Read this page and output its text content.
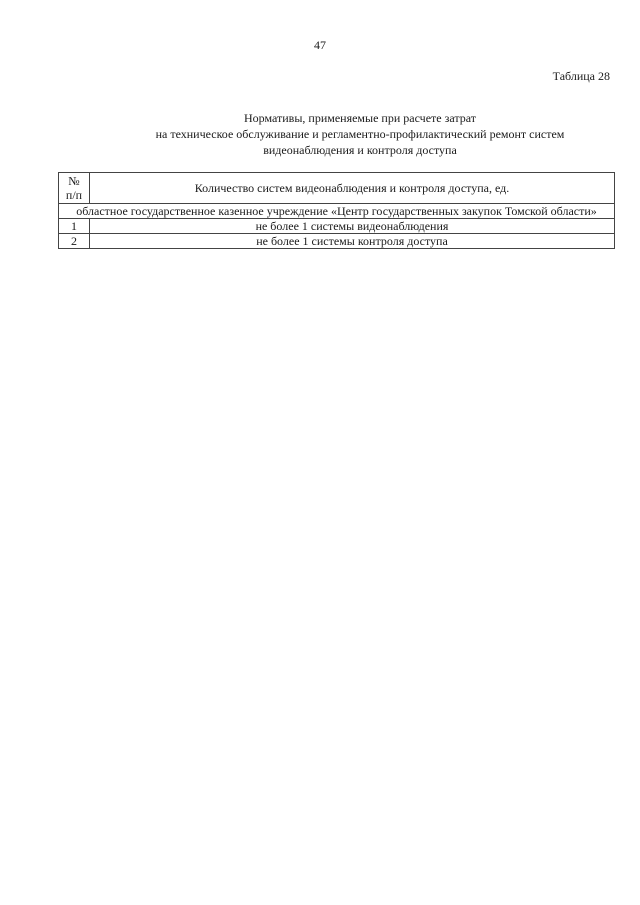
47
Таблица 28
Нормативы, применяемые при расчете затрат
на техническое обслуживание и регламентно-профилактический ремонт систем
видеонаблюдения и контроля доступа
№
п/п	Количество систем видеонаблюдения и контроля доступа, ед.
областное государственное казенное учреждение «Центр государственных закупок Томской области»	
1	не более 1 системы видеонаблюдения
2	не более 1 системы контроля доступа
